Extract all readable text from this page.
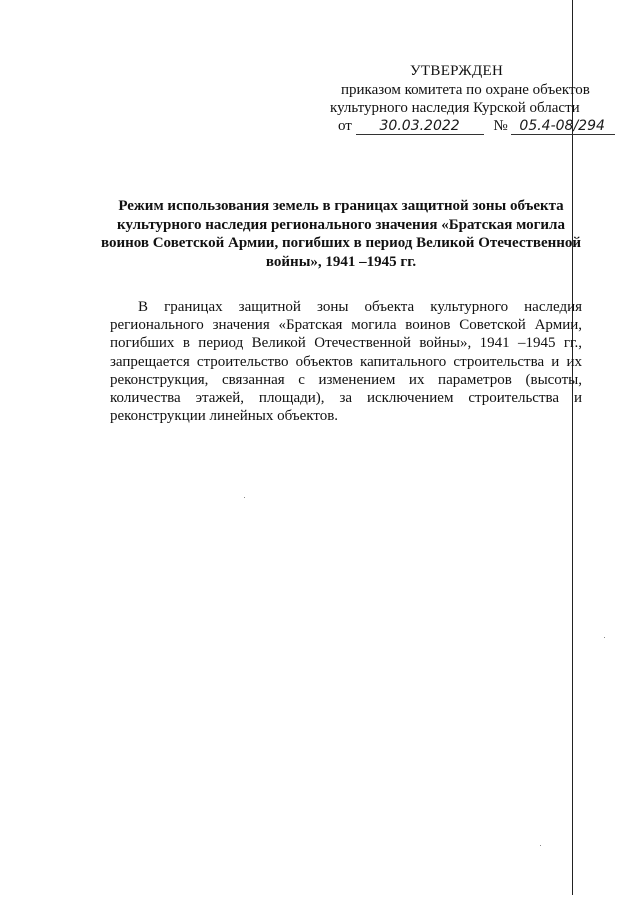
УТВЕРЖДЕН
приказом комитета по охране объектов
культурного наследия Курской области
от 30.03.2022 № 05.4-08/294
Режим использования земель в границах защитной зоны объекта культурного наследия регионального значения «Братская могила воинов Советской Армии, погибших в период Великой Отечественной войны», 1941 –1945 гг.
В границах защитной зоны объекта культурного наследия регионального значения «Братская могила воинов Советской Армии, погибших в период Великой Отечественной войны», 1941 –1945 гг., запрещается строительство объектов капитального строительства и их реконструкция, связанная с изменением их параметров (высоты, количества этажей, площади), за исключением строительства и реконструкции линейных объектов.
